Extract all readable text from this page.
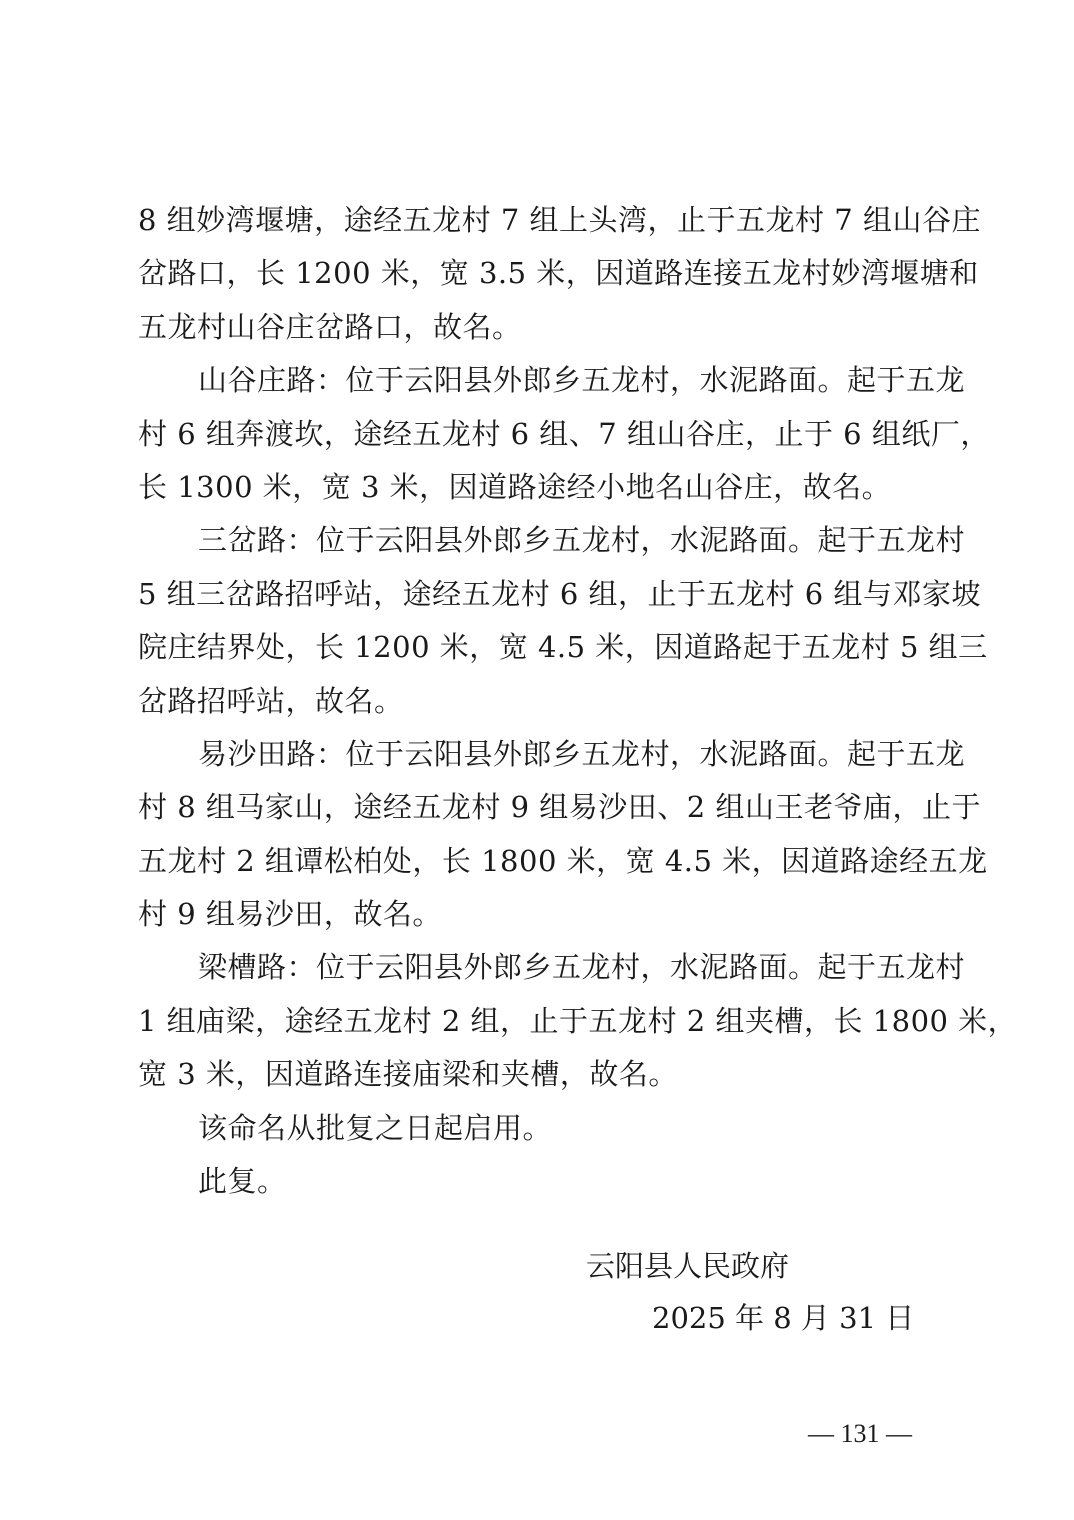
8 组妙湾堰塘，途经五龙村 7 组上头湾，止于五龙村 7 组山谷庄
岔路口，长 1200 米，宽 3.5 米，因道路连接五龙村妙湾堰塘和
五龙村山谷庄岔路口，故名。
山谷庄路：位于云阳县外郎乡五龙村，水泥路面。起于五龙
村 6 组奔渡坎，途经五龙村 6 组、7 组山谷庄，止于 6 组纸厂，
长 1300 米，宽 3 米，因道路途经小地名山谷庄，故名。
三岔路：位于云阳县外郎乡五龙村，水泥路面。起于五龙村
5 组三岔路招呼站，途经五龙村 6 组，止于五龙村 6 组与邓家坡
院庄结界处，长 1200 米，宽 4.5 米，因道路起于五龙村 5 组三
岔路招呼站，故名。
易沙田路：位于云阳县外郎乡五龙村，水泥路面。起于五龙
村 8 组马家山，途经五龙村 9 组易沙田、2 组山王老爷庙，止于
五龙村 2 组谭松柏处，长 1800 米，宽 4.5 米，因道路途经五龙
村 9 组易沙田，故名。
梁槽路：位于云阳县外郎乡五龙村，水泥路面。起于五龙村
1 组庙梁，途经五龙村 2 组，止于五龙村 2 组夹槽，长 1800 米，
宽 3 米，因道路连接庙梁和夹槽，故名。
该命名从批复之日起启用。
此复。
云阳县人民政府
2025 年 8 月 31 日
— 131 —
